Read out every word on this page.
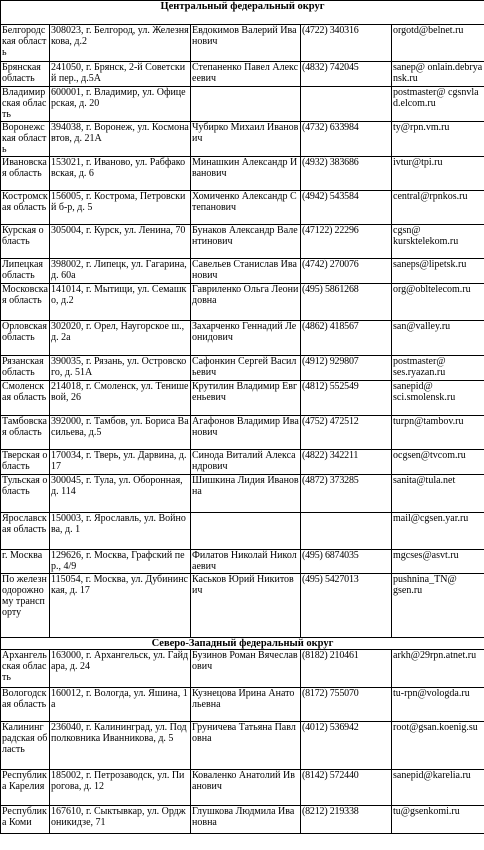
Центральный федеральный округ				
Белгородская область	308023, г. Белгород, ул. Железнякова, д.2	Евдокимов Валерий Иванович	(4722) 340316	orgotd@belnet.ru
Брянская область	241050, г. Брянск, 2-й Советский пер., д.5А	Степаненко Павел Алексеевич	(4832) 742045	sanep@ onlain.debryansk.ru
Владимирская область	600001, г. Владимир, ул. Офицерская, д. 20			postmaster@ cgsnvlad.elcom.ru
Воронежская область	394038, г. Воронеж, ул. Космонавтов, д. 21А	Чубирко Михаил Иванович	(4732) 633984	ty@rpn.vm.ru
Ивановская область	153021, г. Иваново, ул. Рабфаковская, д. 6	Минашкин Александр Иванович	(4932) 383686	ivtur@tpi.ru
Костромская область	156005, г. Кострома, Петровский б-р, д. 5	Хомиченко Александр Степанович	(4942) 543584	central@rpnkos.ru
Курская область	305004, г. Курск, ул. Ленина, 70	Бунаков Александр Валентинович	(47122) 22296	cgsn@
kursktelekom.ru
Липецкая область	398002, г. Липецк, ул. Гагарина, д. 60а	Савельев Станислав Иванович	(4742) 270076	saneps@lipetsk.ru
Московская область	141014, г. Мытищи, ул. Семашко, д.2	Гавриленко Ольга Леонидовна	(495) 5861268	org@obltelecom.ru
Орловская область	302020, г. Орел, Наугорское ш., д. 2а	Захарченко Геннадий Леонидович	(4862) 418567	san@valley.ru
Рязанская область	390035, г. Рязань, ул. Островского, д. 51А	Сафонкин Сергей Васильевич	(4912) 929807	postmaster@
ses.ryazan.ru
Смоленская область	214018, г. Смоленск, ул. Тенишевой, 26	Крутилин Владимир Евгеньевич	(4812) 552549	sanepid@
sci.smolensk.ru
Тамбовская область	392000, г. Тамбов, ул. Бориса Васильева, д.5	Агафонов Владимир Иванович	(4752) 472512	turpn@tambov.ru
Тверская область	170034, г. Тверь, ул. Дарвина, д. 17	Синода Виталий Александрович	(4822) 342211	ocgsen@tvcom.ru
Тульская область	300045, г. Тула, ул. Оборонная, д. 114	Шишкина Лидия Ивановна	(4872) 373285	sanita@tula.net
Ярославская область	150003, г. Ярославль, ул. Войнова, д. 1			mail@cgsen.yar.ru
г. Москва	129626, г. Москва, Графский пер., 4/9	Филатов Николай Николаевич	(495) 6874035	mgcses@asvt.ru
По железнодорожному транспорту	115054, г. Москва, ул. Дубининская, д. 17	Каськов Юрий Никитович	(495) 5427013	pushnina_TN@
gsen.ru
Северо-Западный федеральный округ				
Архангельская область	163000, г. Архангельск, ул. Гайдара, д. 24	Бузинов Роман Вячеславович	(8182) 210461	arkh@29rpn.atnet.ru
Вологодская область	160012, г. Вологда, ул. Яшина, 1а	Кузнецова Ирина Анатольевна	(8172) 755070	tu-rpn@vologda.ru
Калининградская область	236040, г. Калининград, ул. Подполковника Иванникова, д. 5	Груничева Татьяна Павловна	(4012) 536942	root@gsan.koenig.su
Республика Карелия	185002, г. Петрозаводск, ул. Пирогова, д. 12	Коваленко Анатолий Иванович	(8142) 572440	sanepid@karelia.ru
Республика Коми	167610, г. Сыктывкар, ул. Орджоникидзе, 71	Глушкова Людмила Ивановна	(8212) 219338	tu@gsenkomi.ru
